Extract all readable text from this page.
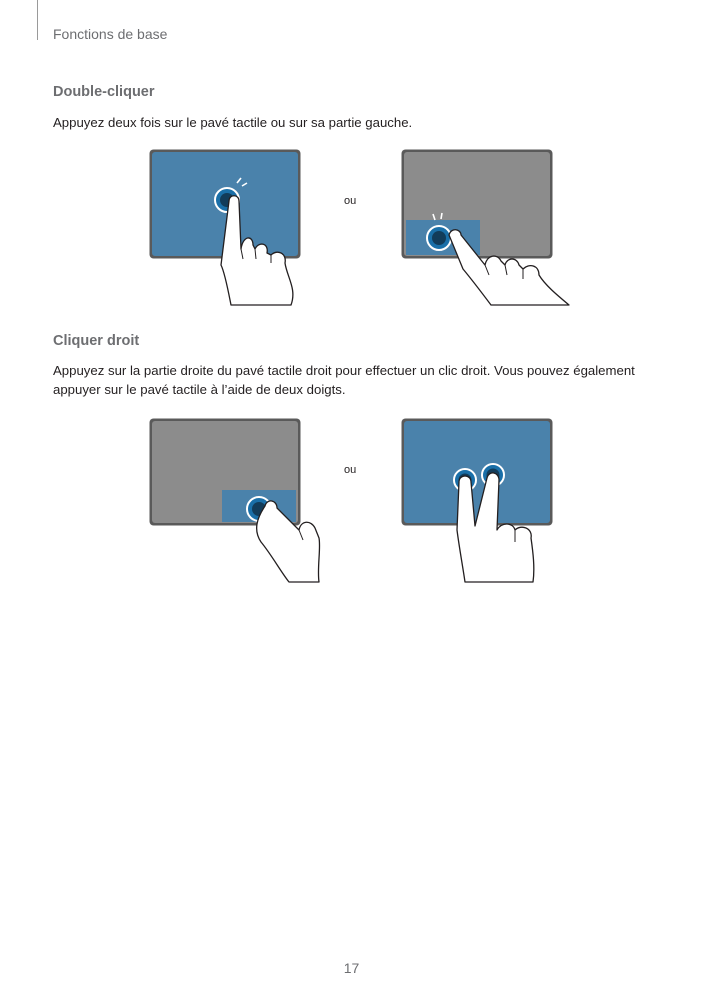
Fonctions de base
Double-cliquer
Appuyez deux fois sur le pavé tactile ou sur sa partie gauche.
ou
Cliquer droit
Appuyez sur la partie droite du pavé tactile droit pour effectuer un clic droit. Vous pouvez également appuyer sur le pavé tactile à l’aide de deux doigts.
ou
17
